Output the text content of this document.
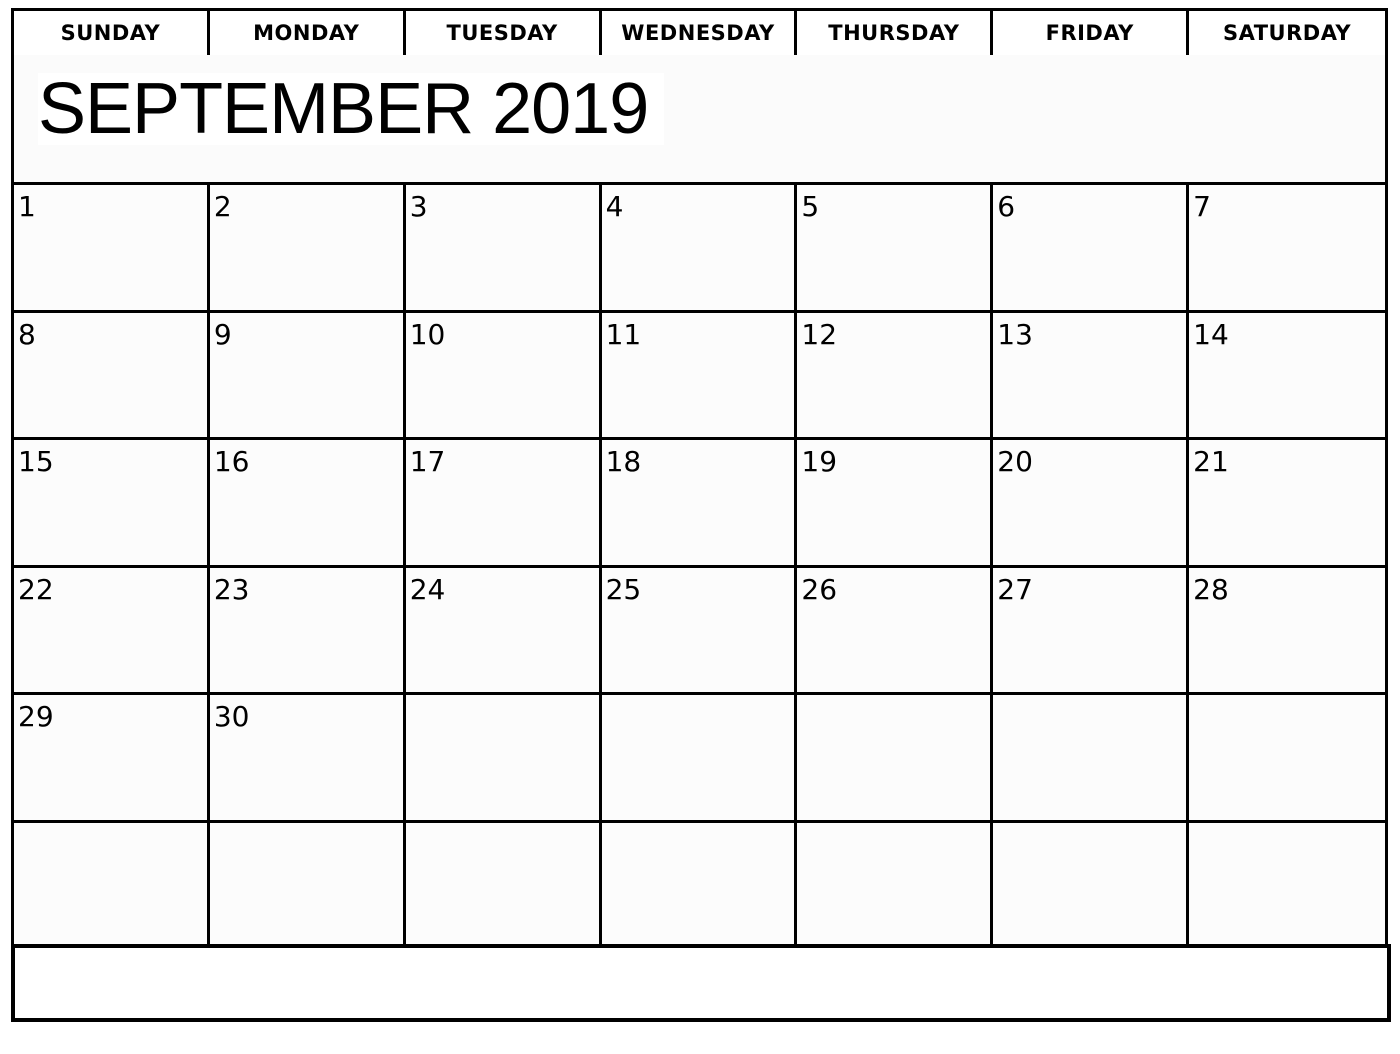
SUNDAY	MONDAY	TUESDAY	WEDNESDAY	THURSDAY	FRIDAY	SATURDAY
SEPTEMBER 2019
1	2	3	4	5	6	7
8	9	10	11	12	13	14
15	16	17	18	19	20	21
22	23	24	25	26	27	28
29	30
